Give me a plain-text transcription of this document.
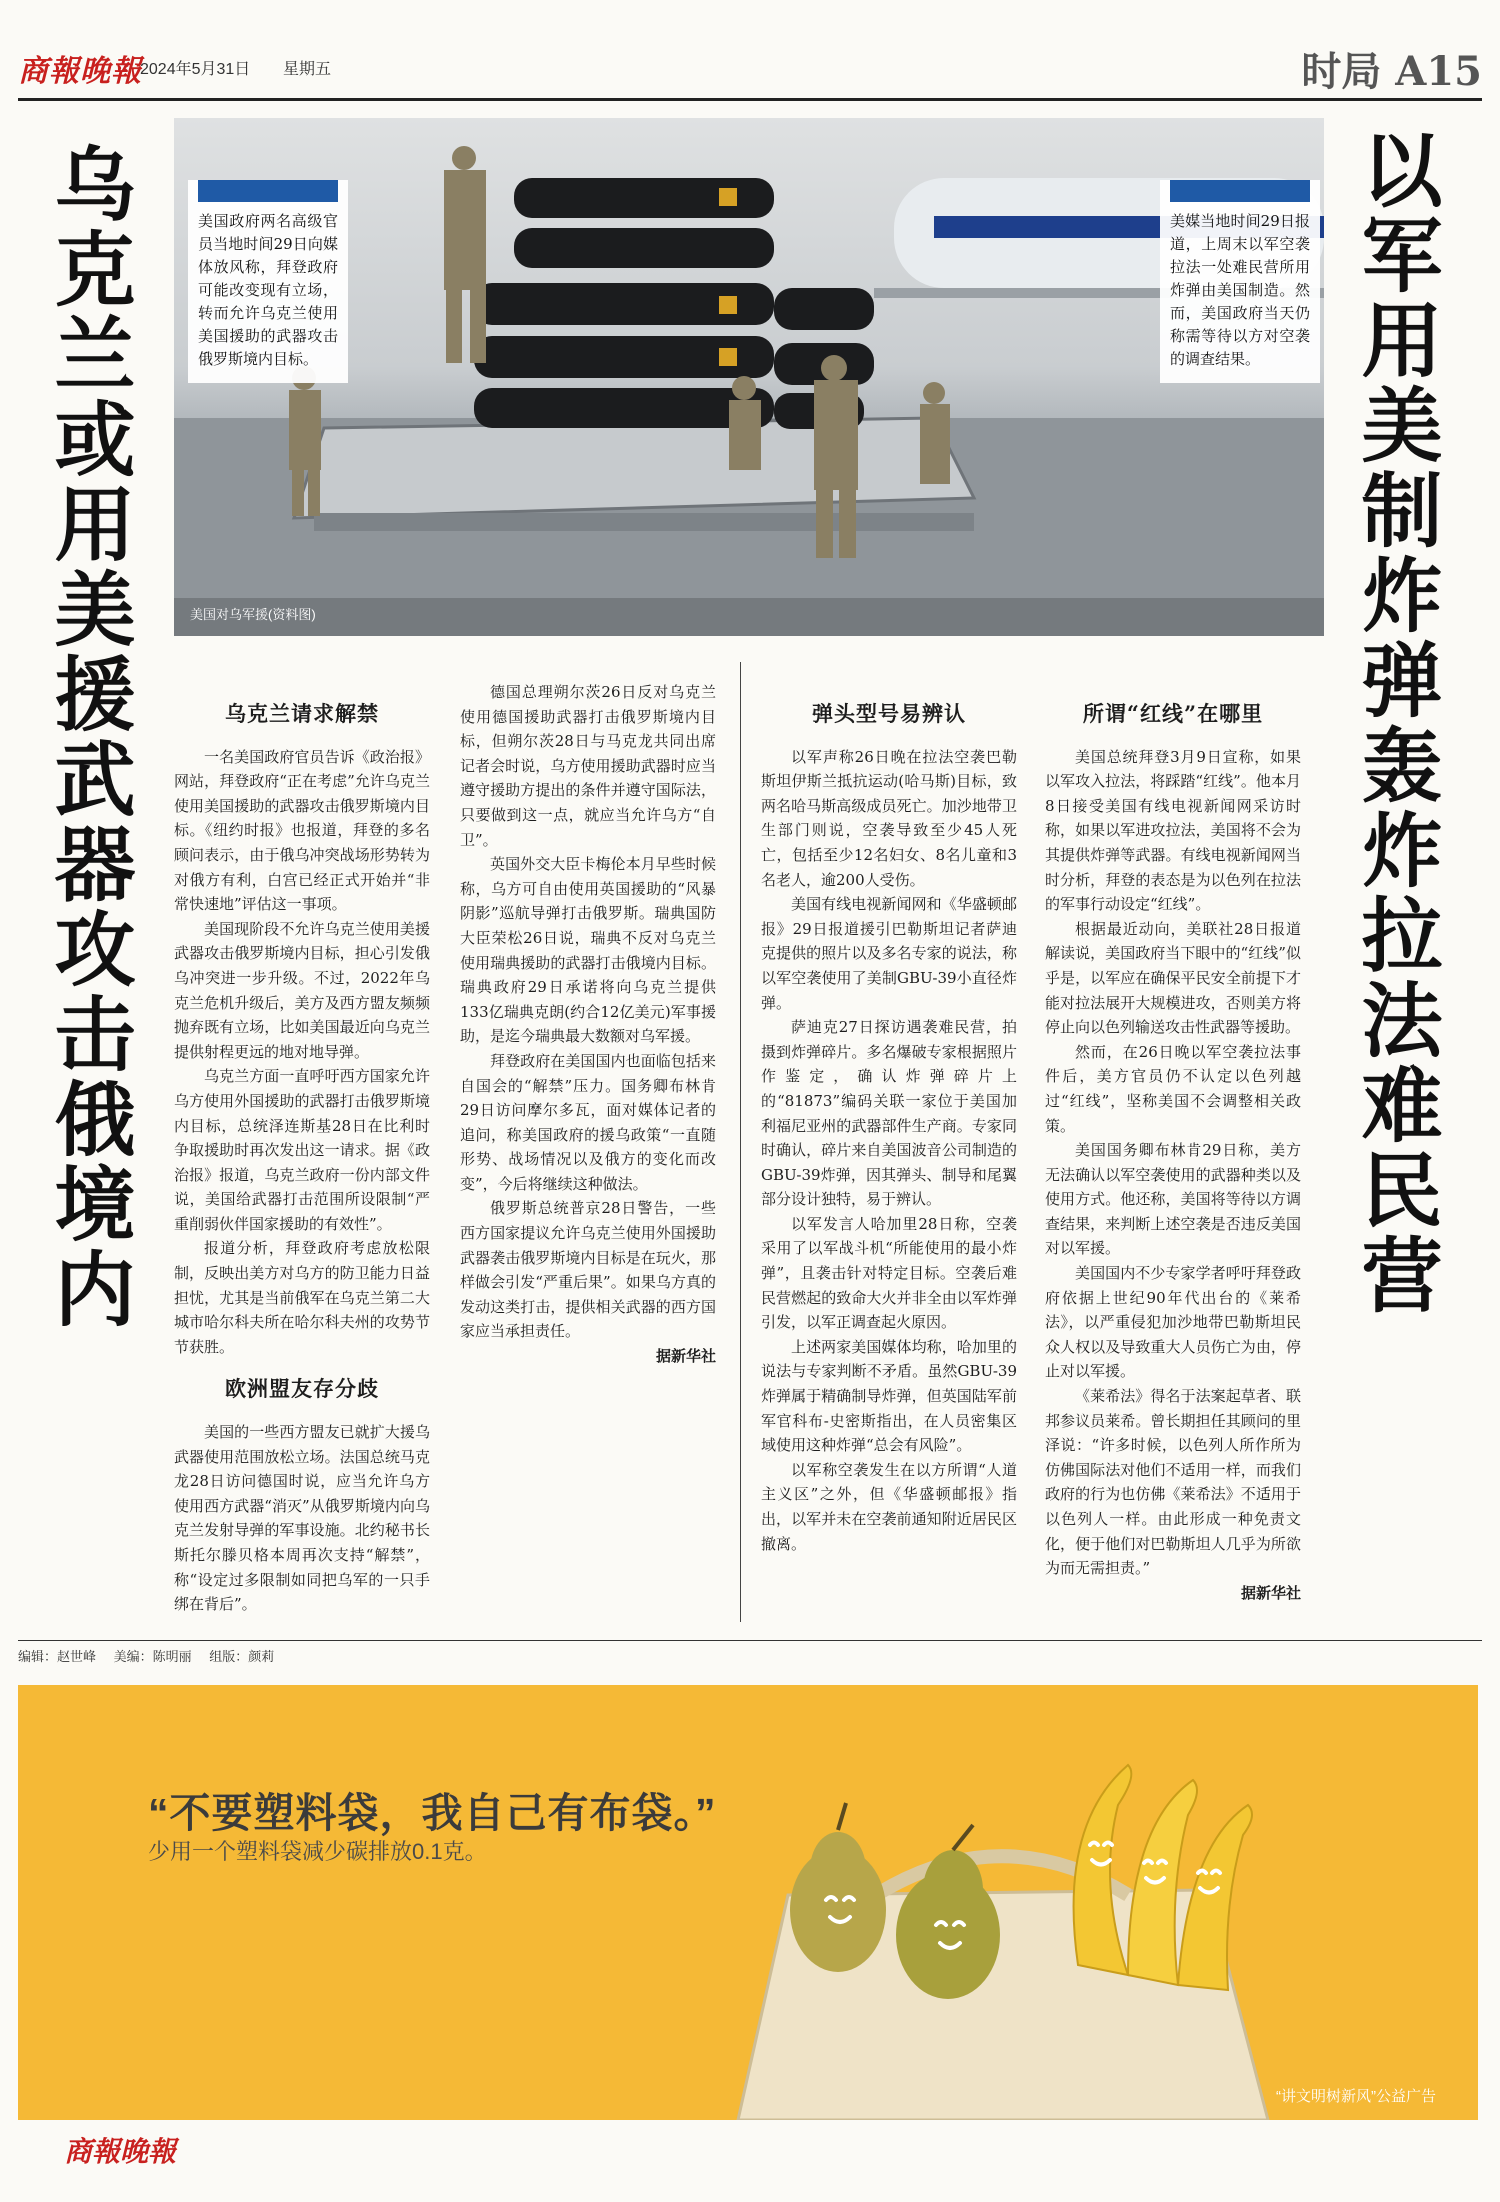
商報晚報
2024年5月31日 星期五	时局 A15
乌克兰或用美援武器攻击俄境内	以军用美制炸弹轰炸拉法难民营
美国政府两名高级官员当地时间29日向媒体放风称，拜登政府可能改变现有立场，转而允许乌克兰使用美国援助的武器攻击俄罗斯境内目标。
美媒当地时间29日报道，上周末以军空袭拉法一处难民营所用炸弹由美国制造。然而，美国政府当天仍称需等待以方对空袭的调查结果。
美国对乌军援(资料图)
乌克兰请求解禁

一名美国政府官员告诉《政治报》网站，拜登政府“正在考虑”允许乌克兰使用美国援助的武器攻击俄罗斯境内目标。《纽约时报》也报道，拜登的多名顾问表示，由于俄乌冲突战场形势转为对俄方有利，白宫已经正式开始并“非常快速地”评估这一事项。

美国现阶段不允许乌克兰使用美援武器攻击俄罗斯境内目标，担心引发俄乌冲突进一步升级。不过，2022年乌克兰危机升级后，美方及西方盟友频频抛弃既有立场，比如美国最近向乌克兰提供射程更远的地对地导弹。

乌克兰方面一直呼吁西方国家允许乌方使用外国援助的武器打击俄罗斯境内目标，总统泽连斯基28日在比利时争取援助时再次发出这一请求。据《政治报》报道，乌克兰政府一份内部文件说，美国给武器打击范围所设限制“严重削弱伙伴国家援助的有效性”。

报道分析，拜登政府考虑放松限制，反映出美方对乌方的防卫能力日益担忧，尤其是当前俄军在乌克兰第二大城市哈尔科夫所在哈尔科夫州的攻势节节获胜。

欧洲盟友存分歧

美国的一些西方盟友已就扩大援乌武器使用范围放松立场。法国总统马克龙28日访问德国时说，应当允许乌方使用西方武器“消灭”从俄罗斯境内向乌克兰发射导弹的军事设施。北约秘书长斯托尔滕贝格本周再次支持“解禁”，称“设定过多限制如同把乌军的一只手绑在背后”。

德国总理朔尔茨26日反对乌克兰使用德国援助武器打击俄罗斯境内目标，但朔尔茨28日与马克龙共同出席记者会时说，乌方使用援助武器时应当遵守援助方提出的条件并遵守国际法，只要做到这一点，就应当允许乌方“自卫”。

英国外交大臣卡梅伦本月早些时候称，乌方可自由使用英国援助的“风暴阴影”巡航导弹打击俄罗斯。瑞典国防大臣荣松26日说，瑞典不反对乌克兰使用瑞典援助的武器打击俄境内目标。瑞典政府29日承诺将向乌克兰提供133亿瑞典克朗(约合12亿美元)军事援助，是迄今瑞典最大数额对乌军援。

拜登政府在美国国内也面临包括来自国会的“解禁”压力。国务卿布林肯29日访问摩尔多瓦，面对媒体记者的追问，称美国政府的援乌政策“一直随形势、战场情况以及俄方的变化而改变”，今后将继续这种做法。

俄罗斯总统普京28日警告，一些西方国家提议允许乌克兰使用外国援助武器袭击俄罗斯境内目标是在玩火，那样做会引发“严重后果”。如果乌方真的发动这类打击，提供相关武器的西方国家应当承担责任。

据新华社

弹头型号易辨认

以军声称26日晚在拉法空袭巴勒斯坦伊斯兰抵抗运动(哈马斯)目标，致两名哈马斯高级成员死亡。加沙地带卫生部门则说，空袭导致至少45人死亡，包括至少12名妇女、8名儿童和3名老人，逾200人受伤。

美国有线电视新闻网和《华盛顿邮报》29日报道援引巴勒斯坦记者萨迪克提供的照片以及多名专家的说法，称以军空袭使用了美制GBU-39小直径炸弹。

萨迪克27日探访遇袭难民营，拍摄到炸弹碎片。多名爆破专家根据照片作鉴定，确认炸弹碎片上的“81873”编码关联一家位于美国加利福尼亚州的武器部件生产商。专家同时确认，碎片来自美国波音公司制造的GBU-39炸弹，因其弹头、制导和尾翼部分设计独特，易于辨认。

以军发言人哈加里28日称，空袭采用了以军战斗机“所能使用的最小炸弹”，且袭击针对特定目标。空袭后难民营燃起的致命大火并非全由以军炸弹引发，以军正调查起火原因。

上述两家美国媒体均称，哈加里的说法与专家判断不矛盾。虽然GBU-39炸弹属于精确制导炸弹，但英国陆军前军官科布-史密斯指出，在人员密集区域使用这种炸弹“总会有风险”。

以军称空袭发生在以方所谓“人道主义区”之外，但《华盛顿邮报》指出，以军并未在空袭前通知附近居民区撤离。

所谓“红线”在哪里

美国总统拜登3月9日宣称，如果以军攻入拉法，将踩踏“红线”。他本月8日接受美国有线电视新闻网采访时称，如果以军进攻拉法，美国将不会为其提供炸弹等武器。有线电视新闻网当时分析，拜登的表态是为以色列在拉法的军事行动设定“红线”。

根据最近动向，美联社28日报道解读说，美国政府当下眼中的“红线”似乎是，以军应在确保平民安全前提下才能对拉法展开大规模进攻，否则美方将停止向以色列输送攻击性武器等援助。

然而，在26日晚以军空袭拉法事件后，美方官员仍不认定以色列越过“红线”，坚称美国不会调整相关政策。

美国国务卿布林肯29日称，美方无法确认以军空袭使用的武器种类以及使用方式。他还称，美国将等待以方调查结果，来判断上述空袭是否违反美国对以军援。

美国国内不少专家学者呼吁拜登政府依据上世纪90年代出台的《莱希法》，以严重侵犯加沙地带巴勒斯坦民众人权以及导致重大人员伤亡为由，停止对以军援。

《莱希法》得名于法案起草者、联邦参议员莱希。曾长期担任其顾问的里泽说：“许多时候，以色列人所作所为仿佛国际法对他们不适用一样，而我们政府的行为也仿佛《莱希法》不适用于以色列人一样。由此形成一种免责文化，便于他们对巴勒斯坦人几乎为所欲为而无需担责。”

据新华社

编辑：赵世峰 美编：陈明丽 组版：颜莉
“不要塑料袋，我自己有布袋。”
少用一个塑料袋减少碳排放0.1克。
“讲文明树新风”公益广告
商報晚報
